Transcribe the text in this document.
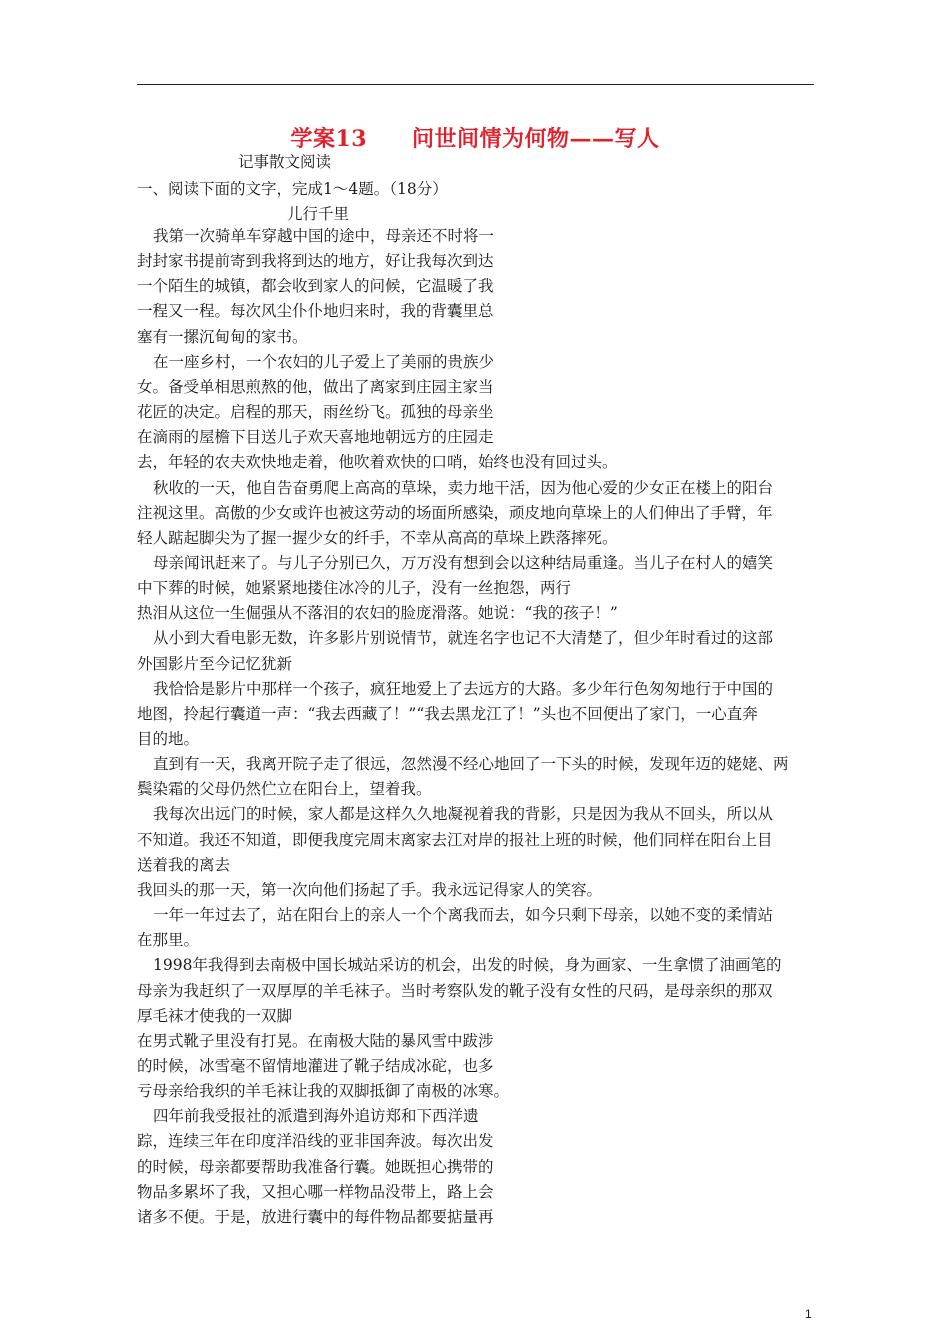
学案13　　问世间情为何物——写人
记事散文阅读
一、阅读下面的文字，完成1～4题。（18分）
儿行千里
我第一次骑单车穿越中国的途中，母亲还不时将一
封封家书提前寄到我将到达的地方，好让我每次到达
一个陌生的城镇，都会收到家人的问候，它温暖了我
一程又一程。每次风尘仆仆地归来时，我的背囊里总
塞有一摞沉甸甸的家书。
在一座乡村，一个农妇的儿子爱上了美丽的贵族少
女。备受单相思煎熬的他，做出了离家到庄园主家当
花匠的决定。启程的那天，雨丝纷飞。孤独的母亲坐
在滴雨的屋檐下目送儿子欢天喜地地朝远方的庄园走
去，年轻的农夫欢快地走着，他吹着欢快的口哨，始终也没有回过头。
秋收的一天，他自告奋勇爬上高高的草垛，卖力地干活，因为他心爱的少女正在楼上的阳台
注视这里。高傲的少女或许也被这劳动的场面所感染，顽皮地向草垛上的人们伸出了手臂，年
轻人踮起脚尖为了握一握少女的纤手，不幸从高高的草垛上跌落摔死。
母亲闻讯赶来了。与儿子分别已久，万万没有想到会以这种结局重逢。当儿子在村人的嬉笑
中下葬的时候，她紧紧地搂住冰冷的儿子，没有一丝抱怨，两行
热泪从这位一生倔强从不落泪的农妇的脸庞滑落。她说：“我的孩子！”
从小到大看电影无数，许多影片别说情节，就连名字也记不大清楚了，但少年时看过的这部
外国影片至今记忆犹新
我恰恰是影片中那样一个孩子，疯狂地爱上了去远方的大路。多少年行色匆匆地行于中国的
地图，拎起行囊道一声：“我去西藏了！”“我去黑龙江了！”头也不回便出了家门，一心直奔
目的地。
直到有一天，我离开院子走了很远，忽然漫不经心地回了一下头的时候，发现年迈的姥姥、两
鬓染霜的父母仍然伫立在阳台上，望着我。
我每次出远门的时候，家人都是这样久久地凝视着我的背影，只是因为我从不回头，所以从
不知道。我还不知道，即便我度完周末离家去江对岸的报社上班的时候，他们同样在阳台上目
送着我的离去
我回头的那一天，第一次向他们扬起了手。我永远记得家人的笑容。
一年一年过去了，站在阳台上的亲人一个个离我而去，如今只剩下母亲，以她不变的柔情站
在那里。
1998年我得到去南极中国长城站采访的机会，出发的时候，身为画家、一生拿惯了油画笔的
母亲为我赶织了一双厚厚的羊毛袜子。当时考察队发的靴子没有女性的尺码，是母亲织的那双
厚毛袜才使我的一双脚
在男式靴子里没有打晃。在南极大陆的暴风雪中跋涉
的时候，冰雪毫不留情地灌进了靴子结成冰砣，也多
亏母亲给我织的羊毛袜让我的双脚抵御了南极的冰寒。
四年前我受报社的派遣到海外追访郑和下西洋遗
踪，连续三年在印度洋沿线的亚非国奔波。每次出发
的时候，母亲都要帮助我准备行囊。她既担心携带的
物品多累坏了我，又担心哪一样物品没带上，路上会
诸多不便。于是，放进行囊中的每件物品都要掂量再
1
